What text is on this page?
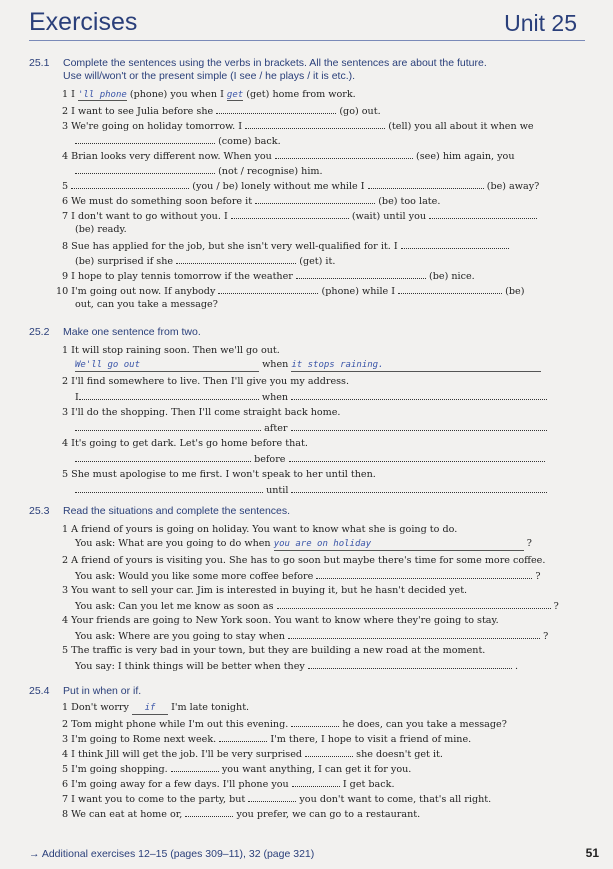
Exercises	Unit 25
25.1 Complete the sentences using the verbs in brackets. All the sentences are about the future.
Use will/won't or the present simple (I see / he plays / it is etc.).
1 I 'll phone (phone) you when I get (get) home from work.
2 I want to see Julia before she	(go) out.
3 We're going on holiday tomorrow. I	(tell) you all about it when we
(come) back.
4 Brian looks very different now. When you	(see) him again, you
(not / recognise) him.
5	(you / be) lonely without me while I	(be) away?
6 We must do something soon before it	(be) too late.
7 I don't want to go without you. I	(wait) until you
(be) ready.
8 Sue has applied for the job, but she isn't very well-qualified for it. I
(be) surprised if she	(get) it.
9 I hope to play tennis tomorrow if the weather	(be) nice.
10 I'm going out now. If anybody	(phone) while I	(be)
out, can you take a message?
25.2 Make one sentence from two.
1 It will stop raining soon. Then we'll go out.
We'll go out	when it stops raining.
2 I'll find somewhere to live. Then I'll give you my address.
I	when
3 I'll do the shopping. Then I'll come straight back home.
after
4 It's going to get dark. Let's go home before that.
before
5 She must apologise to me first. I won't speak to her until then.
until
25.3 Read the situations and complete the sentences.
1 A friend of yours is going on holiday. You want to know what she is going to do.
You ask: What are you going to do when you are on holiday	?
2 A friend of yours is visiting you. She has to go soon but maybe there's time for some more coffee.
You ask: Would you like some more coffee before	?
3 You want to sell your car. Jim is interested in buying it, but he hasn't decided yet.
You ask: Can you let me know as soon as	?
4 Your friends are going to New York soon. You want to know where they're going to stay.
You ask: Where are you going to stay when	?
5 The traffic is very bad in your town, but they are building a new road at the moment.
You say: I think things will be better when they	.
25.4 Put in when or if.
1 Don't worry if I'm late tonight.
2 Tom might phone while I'm out this evening.	he does, can you take a message?
3 I'm going to Rome next week.	I'm there, I hope to visit a friend of mine.
4 I think Jill will get the job. I'll be very surprised	she doesn't get it.
5 I'm going shopping.	you want anything, I can get it for you.
6 I'm going away for a few days. I'll phone you	I get back.
7 I want you to come to the party, but	you don't want to come, that's all right.
8 We can eat at home or,	you prefer, we can go to a restaurant.
→ Additional exercises 12–15 (pages 309–11), 32 (page 321)	51
